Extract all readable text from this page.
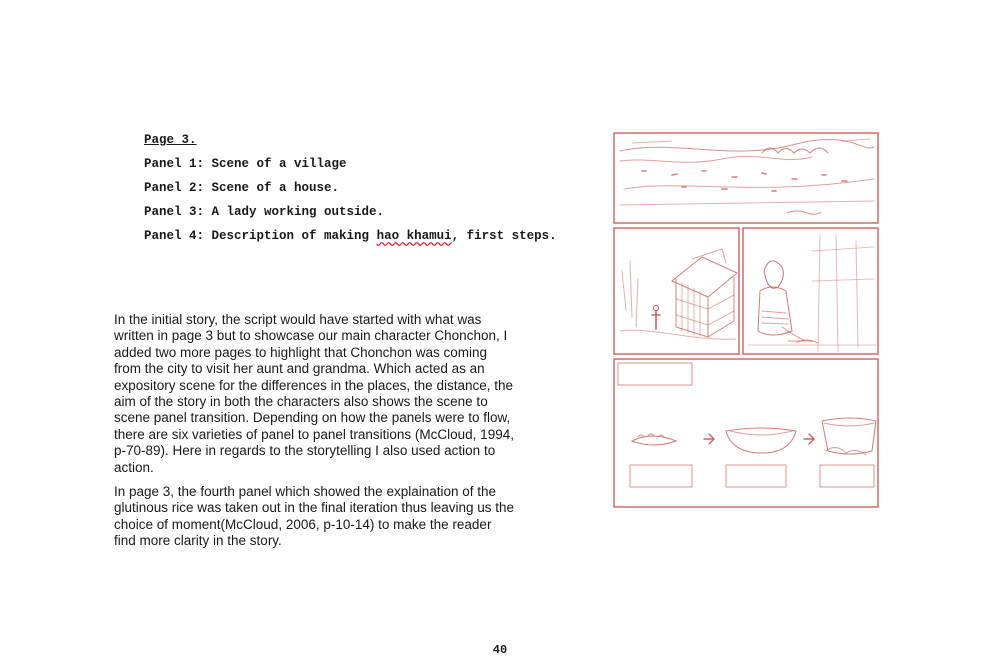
Page 3.
Panel 1: Scene of a village
Panel 2: Scene of a house.
Panel 3: A lady working outside.
Panel 4: Description of making hao khamui, first steps.

In the initial story, the script would have started with what was written in page 3 but to showcase our main character Chonchon, I added two more pages to highlight that Chonchon was coming from the city to visit her aunt and grandma. Which acted as an expository scene for the differences in the places, the distance, the aim of the story in both the characters also shows the scene to scene panel transition. Depending on how the panels were to flow, there are six varieties of panel to panel transitions (McCloud, 1994, p-70-89). Here in regards to the storytelling I also used action to action.

In page 3, the fourth panel which showed the explaination of the glutinous rice was taken out in the final iteration thus leaving us the choice of moment(McCloud, 2006, p-10-14) to make the reader find more clarity in the story.

40
